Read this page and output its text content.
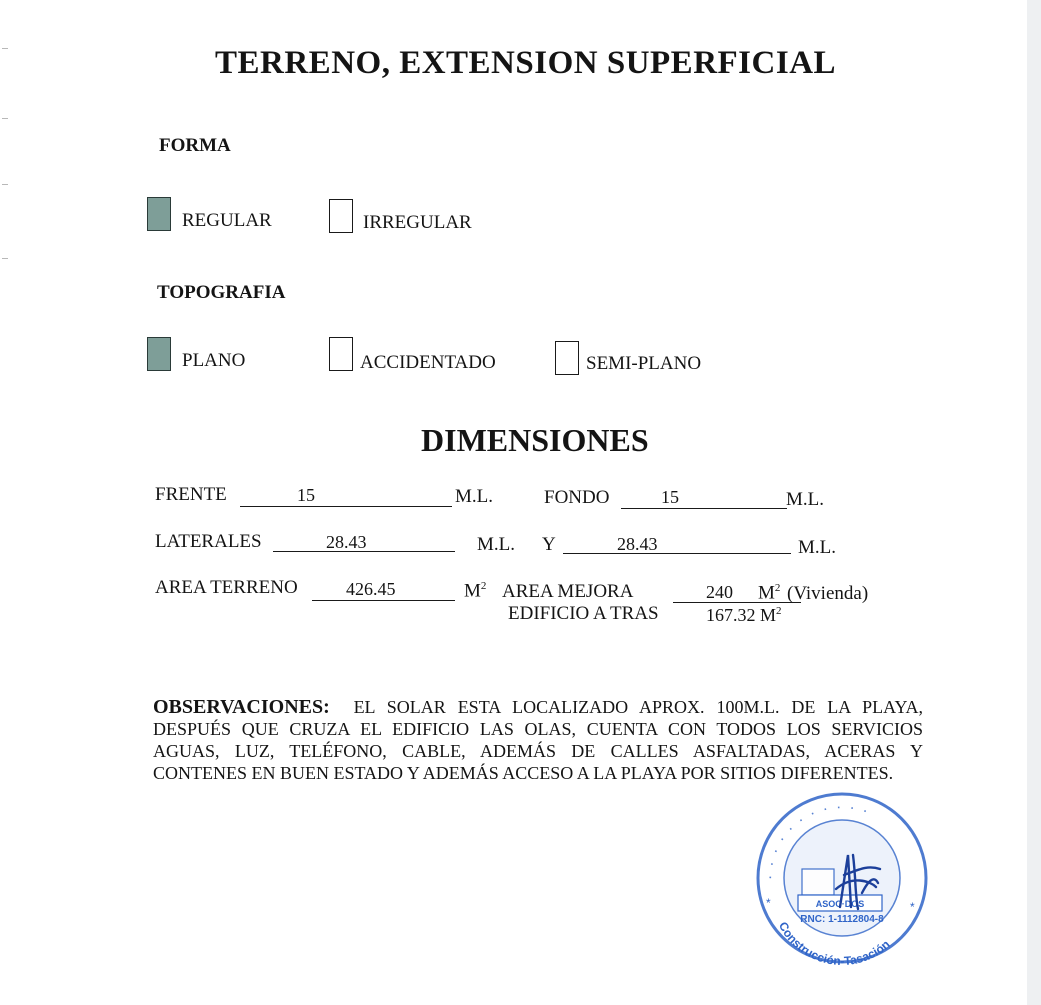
TERRENO, EXTENSION SUPERFICIAL
FORMA
REGULAR	IRREGULAR
TOPOGRAFIA
PLANO	ACCIDENTADO	SEMI-PLANO
DIMENSIONES
FRENTE	15	M.L.	FONDO	15	M.L.
LATERALES	28.43	M.L. Y	28.43	M.L.
AREA TERRENO	426.45	$M^2$ AREA MEJORA	240 $M^2$ (Vivienda)
EDIFICIO A TRAS	167.32 $M^2$
OBSERVACIONES: EL SOLAR ESTA LOCALIZADO APROX. 100M.L. DE LA PLAYA, DESPUÉS QUE CRUZA EL EDIFICIO LAS OLAS, CUENTA CON TODOS LOS SERVICIOS AGUAS, LUZ, TELÉFONO, CABLE, ADEMÁS DE CALLES ASFALTADAS, ACERAS Y CONTENES EN BUEN ESTADO Y ADEMÁS ACCESO A LA PLAYA POR SITIOS DIFERENTES.
· · · · · · · · · · ·
Construcción-Tasación
ASOC·DOS
RNC: 1-1112804-8
*	*
